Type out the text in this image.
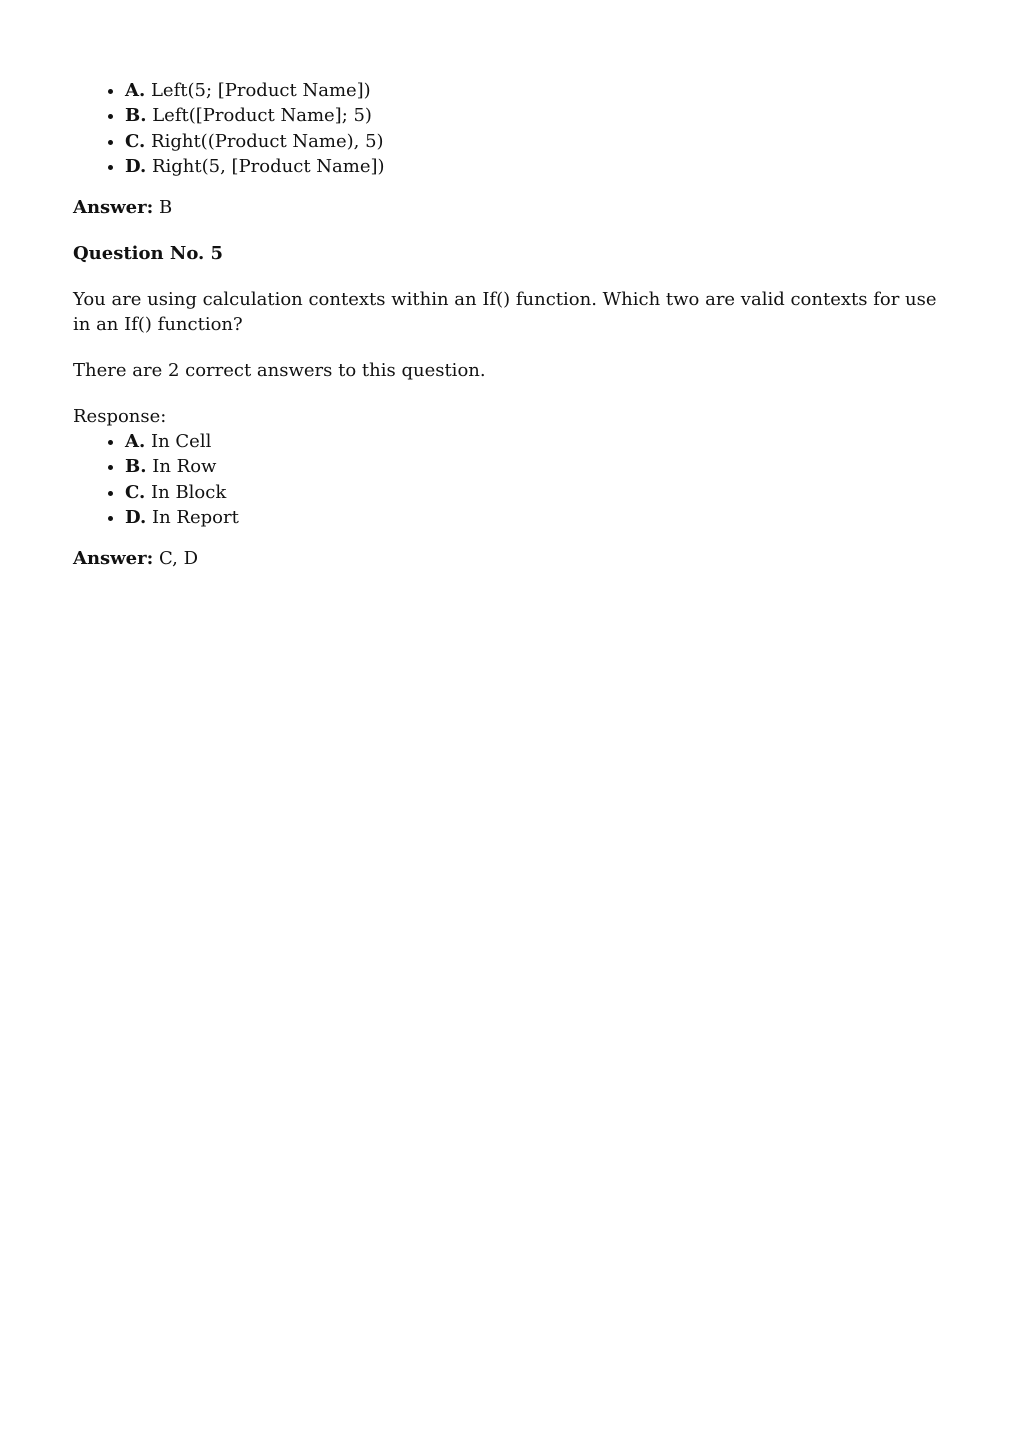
• A. Left(5; [Product Name])
• B. Left([Product Name]; 5)
• C. Right((Product Name), 5)
• D. Right(5, [Product Name])

Answer: B

Question No. 5

You are using calculation contexts within an If() function. Which two are valid contexts for use in an If() function?

There are 2 correct answers to this question.

Response:

• A. In Cell
• B. In Row
• C. In Block
• D. In Report

Answer: C, D
